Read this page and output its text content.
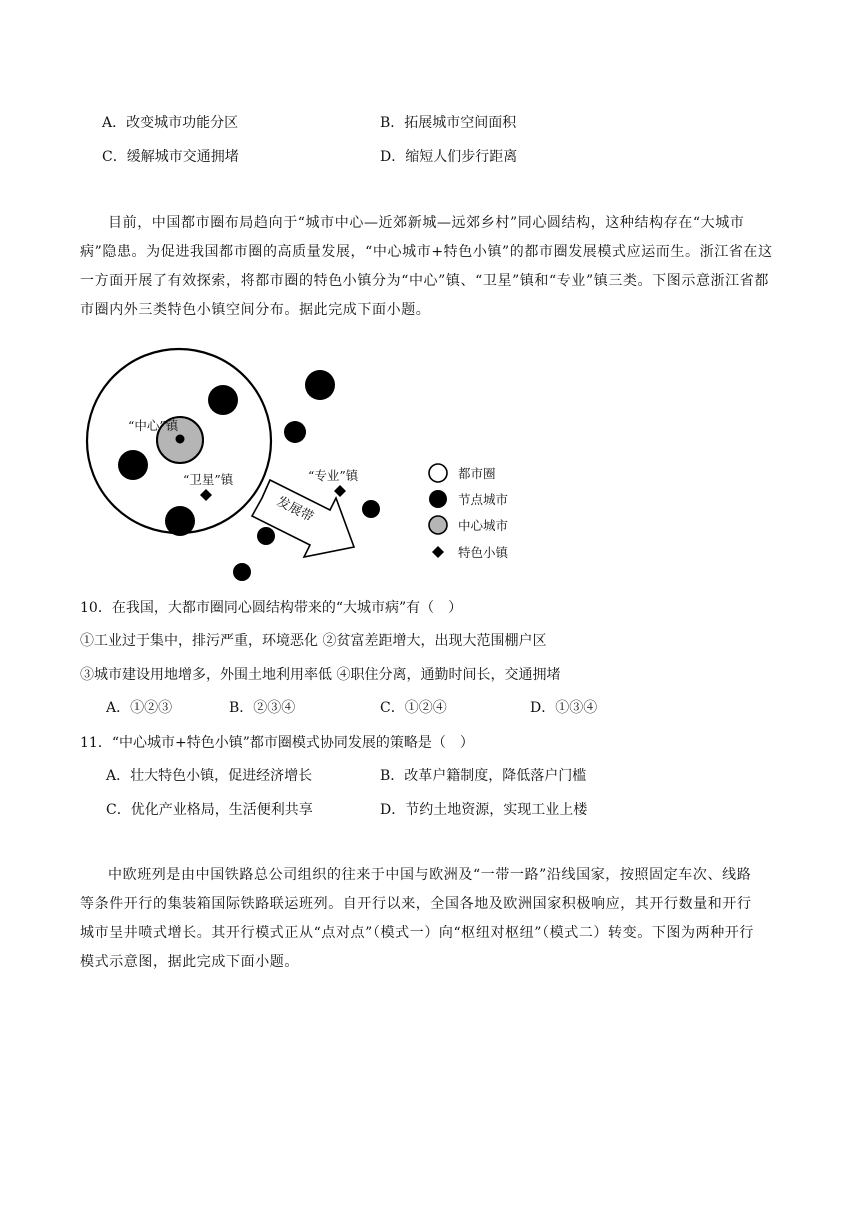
A．改变城市功能分区	B．拓展城市空间面积
C．缓解城市交通拥堵	D．缩短人们步行距离
目前，中国都市圈布局趋向于“城市中心—近郊新城—远郊乡村”同心圆结构，这种结构存在“大城市
病”隐患。为促进我国都市圈的高质量发展，“中心城市+特色小镇”的都市圈发展模式应运而生。浙江省在这
一方面开展了有效探索，将都市圈的特色小镇分为“中心”镇、“卫星”镇和“专业”镇三类。下图示意浙江省都
市圈内外三类特色小镇空间分布。据此完成下面小题。
发展带
“中心”镇
“卫星”镇	“专业”镇	都市圈
节点城市
中心城市
特色小镇
10．在我国，大都市圈同心圆结构带来的“大城市病”有（　）
①工业过于集中，排污严重，环境恶化 ②贫富差距增大，出现大范围棚户区
③城市建设用地增多，外围土地利用率低 ④职住分离，通勤时间长，交通拥堵
A．①②③	B．②③④	C．①②④	D．①③④
11．“中心城市+特色小镇”都市圈模式协同发展的策略是（　）
A．壮大特色小镇，促进经济增长	B．改革户籍制度，降低落户门槛
C．优化产业格局，生活便利共享	D．节约土地资源，实现工业上楼
中欧班列是由中国铁路总公司组织的往来于中国与欧洲及“一带一路”沿线国家，按照固定车次、线路
等条件开行的集装箱国际铁路联运班列。自开行以来，全国各地及欧洲国家积极响应，其开行数量和开行
城市呈井喷式增长。其开行模式正从“点对点”（模式一）向“枢纽对枢纽”（模式二）转变。下图为两种开行
模式示意图，据此完成下面小题。
